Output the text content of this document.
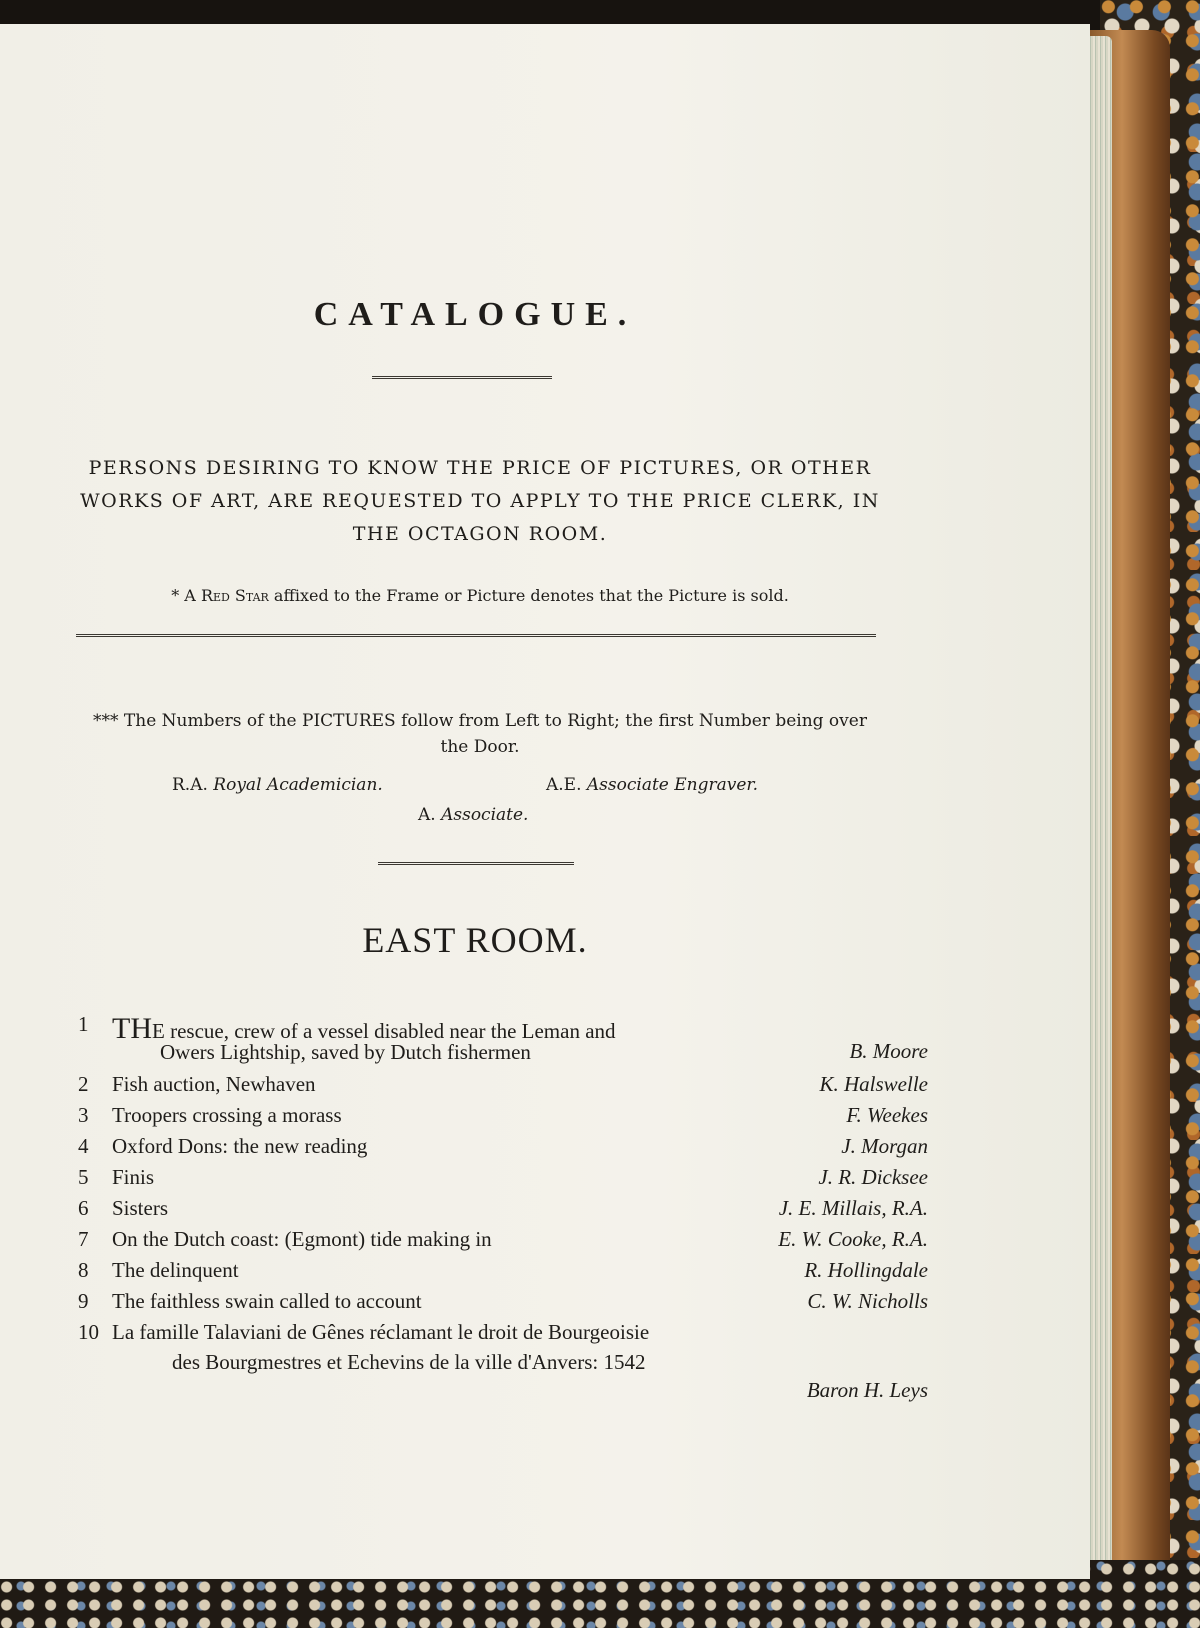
CATALOGUE.
PERSONS DESIRING TO KNOW THE PRICE OF PICTURES, OR OTHER WORKS OF ART, ARE REQUESTED TO APPLY TO THE PRICE CLERK, IN THE OCTAGON ROOM.
* A Red Star affixed to the Frame or Picture denotes that the Picture is sold.
*** The Numbers of the PICTURES follow from Left to Right; the first Number being over the Door.
R.A. Royal Academician.	A.E. Associate Engraver.
A. Associate.
EAST ROOM.
1 THE rescue, crew of a vessel disabled near the Leman and
Owers Lightship, saved by Dutch fishermen	B. Moore
2	Fish auction, Newhaven	K. Halswelle
3	Troopers crossing a morass	F. Weekes
4	Oxford Dons: the new reading	J. Morgan
5	Finis	J. R. Dicksee
6	Sisters	J. E. Millais, R.A.
7	On the Dutch coast: (Egmont) tide making in	E. W. Cooke, R.A.
8	The delinquent	R. Hollingdale
9	The faithless swain called to account	C. W. Nicholls
10 La famille Talaviani de Gênes réclamant le droit de Bourgeoisie
des Bourgmestres et Echevins de la ville d'Anvers: 1542
Baron H. Leys
